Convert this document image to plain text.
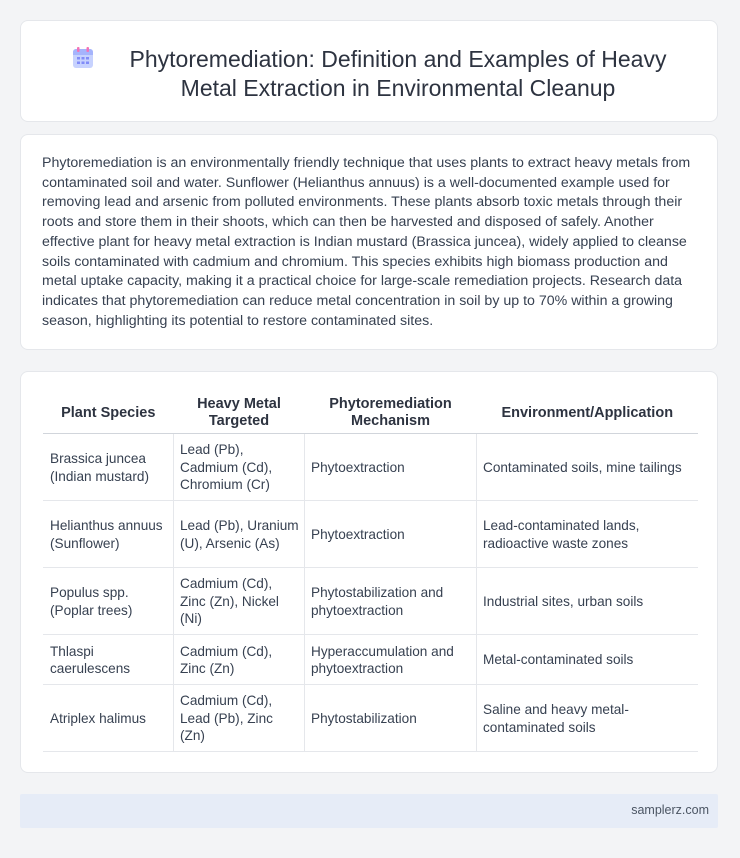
Phytoremediation: Definition and Examples of Heavy Metal Extraction in Environmental Cleanup

Phytoremediation is an environmentally friendly technique that uses plants to extract heavy metals from contaminated soil and water. Sunflower (Helianthus annuus) is a well-documented example used for removing lead and arsenic from polluted environments. These plants absorb toxic metals through their roots and store them in their shoots, which can then be harvested and disposed of safely. Another effective plant for heavy metal extraction is Indian mustard (Brassica juncea), widely applied to cleanse soils contaminated with cadmium and chromium. This species exhibits high biomass production and metal uptake capacity, making it a practical choice for large-scale remediation projects. Research data indicates that phytoremediation can reduce metal concentration in soil by up to 70% within a growing season, highlighting its potential to restore contaminated sites.

Plant Species	Heavy Metal Targeted	Phytoremediation Mechanism	Environment/Application
Brassica juncea (Indian mustard)	Lead (Pb), Cadmium (Cd), Chromium (Cr)	Phytoextraction	Contaminated soils, mine tailings
Helianthus annuus (Sunflower)	Lead (Pb), Uranium (U), Arsenic (As)	Phytoextraction	Lead-contaminated lands, radioactive waste zones
Populus spp. (Poplar trees)	Cadmium (Cd), Zinc (Zn), Nickel (Ni)	Phytostabilization and phytoextraction	Industrial sites, urban soils
Thlaspi caerulescens	Cadmium (Cd), Zinc (Zn)	Hyperaccumulation and phytoextraction	Metal-contaminated soils
Atriplex halimus	Cadmium (Cd), Lead (Pb), Zinc (Zn)	Phytostabilization	Saline and heavy metal-contaminated soils
samplerz.com
